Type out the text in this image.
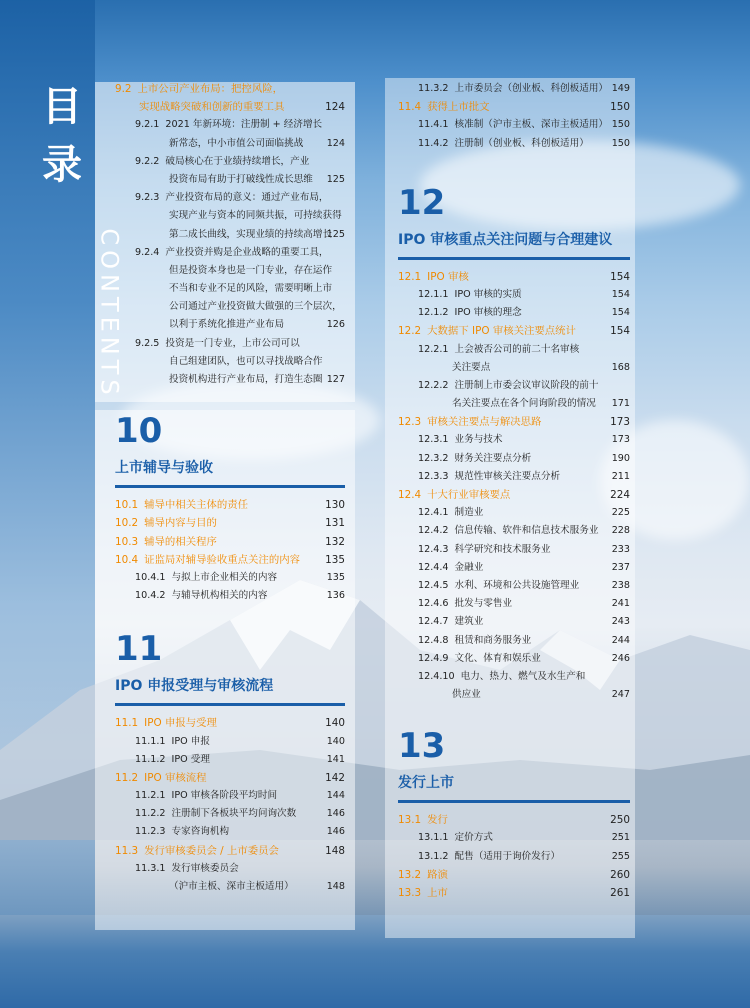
目
录
CONTENTS
9.2 上市公司产业布局：把控风险，
实现战略突破和创新的重要工具	124
9.2.1 2021 年新环境：注册制 + 经济增长
新常态，中小市值公司面临挑战 124
9.2.2 破局核心在于业绩持续增长，产业
投资布局有助于打破线性成长思维 125
9.2.3 产业投资布局的意义：通过产业布局，
实现产业与资本的同频共振，可持续获得
第二成长曲线，实现业绩的持续高增长
125
9.2.4 产业投资并购是企业战略的重要工具，
但是投资本身也是一门专业，存在运作
不当和专业不足的风险，需要明晰上市
公司通过产业投资做大做强的三个层次，
以利于系统化推进产业布局	126
9.2.5 投资是一门专业，上市公司可以
自己组建团队，也可以寻找战略合作
投资机构进行产业布局，打造生态圈 127
10
上市辅导与验收
10.1 辅导中相关主体的责任	130
10.2 辅导内容与目的	131
10.3 辅导的相关程序	132
10.4 证监局对辅导验收重点关注的内容 135
10.4.1 与拟上市企业相关的内容	135
10.4.2 与辅导机构相关的内容	136
11
IPO 申报受理与审核流程
11.1 IPO 申报与受理	140
11.1.1 IPO 申报	140
11.1.2 IPO 受理	141
11.2 IPO 审核流程	142
11.2.1 IPO 审核各阶段平均时间	144
11.2.2 注册制下各板块平均问询次数	146
11.2.3 专家咨询机构	146
11.3 发行审核委员会 / 上市委员会	148
11.3.1 发行审核委员会
（沪市主板、深市主板适用）	148
11.3.2 上市委员会（创业板、科创板适用） 149
11.4 获得上市批文	150
11.4.1 核准制（沪市主板、深市主板适用） 150
11.4.2 注册制（创业板、科创板适用） 150
12
IPO 审核重点关注问题与合理建议
12.1 IPO 审核	154
12.1.1 IPO 审核的实质	154
12.1.2 IPO 审核的理念	154
12.2 大数据下 IPO 审核关注要点统计	154
12.2.1 上会被否公司的前二十名审核
关注要点	168
12.2.2 注册制上市委会议审议阶段的前十
名关注要点在各个问询阶段的情况 171
12.3 审核关注要点与解决思路	173
12.3.1 业务与技术	173
12.3.2 财务关注要点分析	190
12.3.3 规范性审核关注要点分析	211
12.4 十大行业审核要点	224
12.4.1 制造业	225
12.4.2 信息传输、软件和信息技术服务业 228
12.4.3 科学研究和技术服务业	233
12.4.4 金融业	237
12.4.5 水利、环境和公共设施管理业	238
12.4.6 批发与零售业	241
12.4.7 建筑业	243
12.4.8 租赁和商务服务业	244
12.4.9 文化、体育和娱乐业	246
12.4.10 电力、热力、燃气及水生产和
供应业	247
13
发行上市
13.1 发行	250
13.1.1 定价方式	251
13.1.2 配售（适用于询价发行）	255
13.2 路演	260
13.3 上市	261
